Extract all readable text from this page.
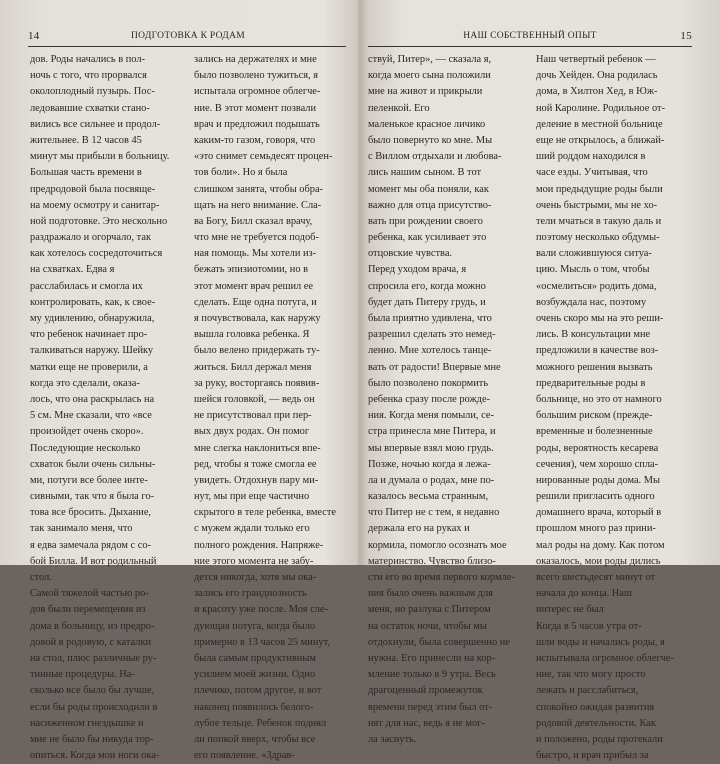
14	ПОДГОТОВКА К РОДАМ
дов. Роды начались в пол-
ночь с того, что прорвался
околоплодный пузырь. Пос-
ледовавшие схватки стано-
вились все сильнее и продол-
жительнее. В 12 часов 45
минут мы прибыли в больницу.
Большая часть времени в
предродовой была посвяще-
на моему осмотру и санитар-
ной подготовке. Это нескольно
раздражало и огорчало, так
как хотелось сосредоточиться
на схватках. Едва я
расслабилась и смогла их
контролировать, как, к свое-
му удивлению, обнаружила,
что ребенок начинает про-
талкиваться наружу. Шейку
матки еще не проверили, а
когда это сделали, оказа-
лось, что она раскрылась на
5 см. Мне сказали, что «все
произойдет очень скоро».
Последующие несколько
схваток были очень сильны-
ми, потуги все более инте-
сивными, так что я была го-
това все бросить. Дыхание,
так занимало меня, что
я едва замечала рядом с со-
бой Билла. И вот родильный
стол.
Самой тяжелой частью ро-
дов были перемещения из
дома в больницу, из предро-
довой в родовую, с каталки
на стол, плюс различные ру-
тинные процедуры. На-
сколько все было бы лучше,
если бы роды происходили в
насиженном гнездышке и
мне не было бы никуда тор-
опиться. Когда мои ноги ока-
зались на держателях и мне
было позволено тужиться, я
испытала огромное облегче-
ние. В этот момент позвали
врач и предложил подышать
каким-то газом, говоря, что
«это снимет семьдесят процен-
тов боли». Но я была
слишком занята, чтобы обра-
щать на него внимание. Сла-
ва Богу, Билл сказал врачу,
что мне не требуется подоб-
ная помощь. Мы хотели из-
бежать эпизиотомии, но в
этот момент врач решил ее
сделать. Еще одна потуга, и
я почувствовала, как наружу
вышла головка ребенка. Я
было велено придержать ту-
житься. Билл держал меня
за руку, восторгаясь появив-
шейся головкой, — ведь он
не присутствовал при пер-
вых двух родах. Он помог
мне слегка наклониться впе-
ред, чтобы я тоже смогла ее
увидеть. Отдохнув пару ми-
нут, мы при еще частично
скрытого в теле ребенка, вместе
с мужем ждали только его
полного рождения. Напряже-
ние этого момента не забу-
дется никогда, хотя мы ока-
зались его грандиозность
и красоту уже после. Моя сле-
дующая потуга, когда было
примерно в 13 часов 25 минут,
была самым продуктивным
усилием моей жизни. Одно
плечико, потом другое, и вот
наконец появилось белого-
лубое тельце. Ребенок поднял
ли попкой вверх, чтобы все
его появление. «Здрав-
НАШ СОБСТВЕННЫЙ ОПЫТ	15
ствуй, Питер», — сказала я,
когда моего сына положили
мне на живот и прикрыли
пеленкой. Его
маленькое красное личико
было повернуто ко мне. Мы
с Виллом отдыхали и любова-
лись нашим сыном. В тот
момент мы оба поняли, как
важно для отца присутство-
вать при рождении своего
ребенка, как усиливает это
отцовские чувства.
Перед уходом врача, я
спросила его, когда можно
будет дать Питеру грудь, и
была приятно удивлена, что
разрешил сделать это немед-
ленно. Мне хотелось танце-
вать от радости! Впервые мне
было позволено покормить
ребенка сразу после рожде-
ния. Когда меня помыли, се-
стра принесла мне Питера, и
мы впервые взял мою грудь.
Позже, ночью когда я лежа-
ла и думала о родах, мне по-
казалось весьма странным,
что Питер не с тем, я недавно
держала его на руках и
кормила, помогло осознать мое
материнство. Чувство близо-
сти его во время первого кормле-
ния было очень важным для
меня, но разлука с Питером
на остаток ночи, чтобы мы
отдохнули, была совершенно не
нужна. Его принесли на кор-
мление только в 9 утра. Весь
драгоценный промежуток
времени перед этим был от-
нят для нас, ведь я не мог-
ла заснуть.
Наш четвертый ребенок —
дочь Хейден. Она родилась
дома, в Хилтон Хед, в Юж-
ной Каролине. Родильное от-
деление в местной больнице
еще не открылось, а ближай-
ший роддом находился в
часе езды. Учитывая, что
мои предыдущие роды были
очень быстрыми, мы не хо-
тели мчаться в такую даль и
поэтому несколько обдумы-
вали сложившуюся ситуа-
цию. Мысль о том, чтобы
«осмелиться» родить дома,
возбуждала нас, поэтому
очень скоро мы на это реши-
лись. В консультации мне
предложили в качестве воз-
можного решения вызвать
предварительные роды в
больнице, но это от намного
большим риском (прежде-
временные и болезненные
роды, вероятность кесарева
сечения), чем хорошо спла-
нированные роды дома. Мы
решили пригласить одного
домашнего врача, который в
прошлом много раз прини-
мал роды на дому. Как потом
оказалось, мои роды дились
всего шестьдесят минут от
начала до конца. Наш
интерес не был
Когда в 5 часов утра от-
шли воды и начались роды, я
испытывала огромное облегче-
ние, так что могу просто
лежать и расслабиться,
спокойно ожидая развития
родовой деятельности. Как
и положено, роды протекали
быстро, и врач прибыл за
